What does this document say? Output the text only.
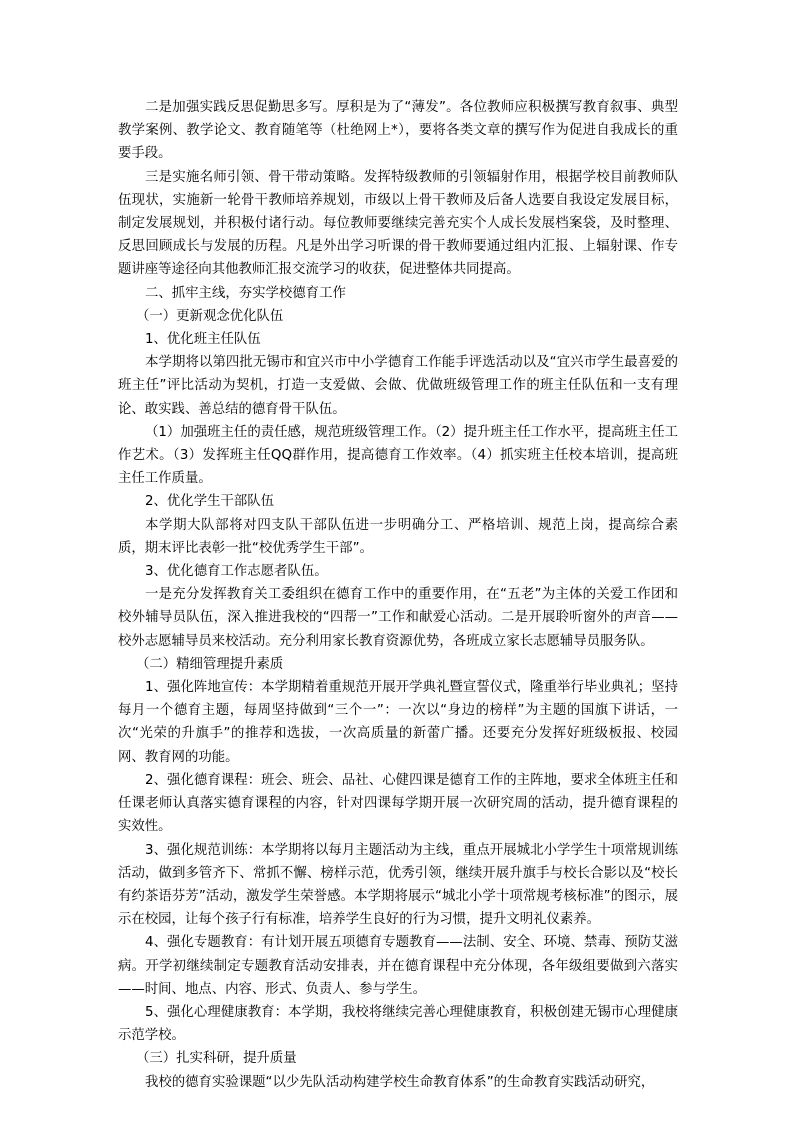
二是加强实践反思促勤思多写。厚积是为了“薄发”。各位教师应积极撰写教育叙事、典型教学案例、教学论文、教育随笔等（杜绝网上*），要将各类文章的撰写作为促进自我成长的重要手段。

三是实施名师引领、骨干带动策略。发挥特级教师的引领辐射作用，根据学校目前教师队伍现状，实施新一轮骨干教师培养规划，市级以上骨干教师及后备人选要自我设定发展目标，制定发展规划，并积极付诸行动。每位教师要继续完善充实个人成长发展档案袋，及时整理、反思回顾成长与发展的历程。凡是外出学习听课的骨干教师要通过组内汇报、上辐射课、作专题讲座等途径向其他教师汇报交流学习的收获，促进整体共同提高。

二、抓牢主线，夯实学校德育工作

（一）更新观念优化队伍

1、优化班主任队伍

本学期将以第四批无锡市和宜兴市中小学德育工作能手评选活动以及“宜兴市学生最喜爱的班主任”评比活动为契机，打造一支爱做、会做、优做班级管理工作的班主任队伍和一支有理论、敢实践、善总结的德育骨干队伍。

（1）加强班主任的责任感，规范班级管理工作。（2）提升班主任工作水平，提高班主任工作艺术。（3）发挥班主任QQ群作用，提高德育工作效率。（4）抓实班主任校本培训，提高班主任工作质量。

2、优化学生干部队伍

本学期大队部将对四支队干部队伍进一步明确分工、严格培训、规范上岗，提高综合素质，期末评比表彰一批“校优秀学生干部”。

3、优化德育工作志愿者队伍。

一是充分发挥教育关工委组织在德育工作中的重要作用，在“五老”为主体的关爱工作团和校外辅导员队伍，深入推进我校的“四帮一”工作和献爱心活动。二是开展聆听窗外的声音——校外志愿辅导员来校活动。充分利用家长教育资源优势，各班成立家长志愿辅导员服务队。

（二）精细管理提升素质

1、强化阵地宣传：本学期精着重规范开展开学典礼暨宣誓仪式，隆重举行毕业典礼；坚持每月一个德育主题，每周坚持做到“三个一”：一次以“身边的榜样”为主题的国旗下讲话，一次“光荣的升旗手”的推荐和选拔，一次高质量的新蕾广播。还要充分发挥好班级板报、校园网、教育网的功能。

2、强化德育课程：班会、班会、品社、心健四课是德育工作的主阵地，要求全体班主任和任课老师认真落实德育课程的内容，针对四课每学期开展一次研究周的活动，提升德育课程的实效性。

3、强化规范训练：本学期将以每月主题活动为主线，重点开展城北小学学生十项常规训练活动，做到多管齐下、常抓不懈、榜样示范，优秀引领，继续开展升旗手与校长合影以及“校长有约茶语芬芳”活动，激发学生荣誉感。本学期将展示“城北小学十项常规考核标准”的图示，展示在校园，让每个孩子行有标准，培养学生良好的行为习惯，提升文明礼仪素养。

4、强化专题教育：有计划开展五项德育专题教育——法制、安全、环境、禁毒、预防艾滋病。开学初继续制定专题教育活动安排表，并在德育课程中充分体现，各年级组要做到六落实——时间、地点、内容、形式、负责人、参与学生。

5、强化心理健康教育：本学期，我校将继续完善心理健康教育，积极创建无锡市心理健康示范学校。

（三）扎实科研，提升质量

我校的德育实验课题“以少先队活动构建学校生命教育体系”的生命教育实践活动研究，
